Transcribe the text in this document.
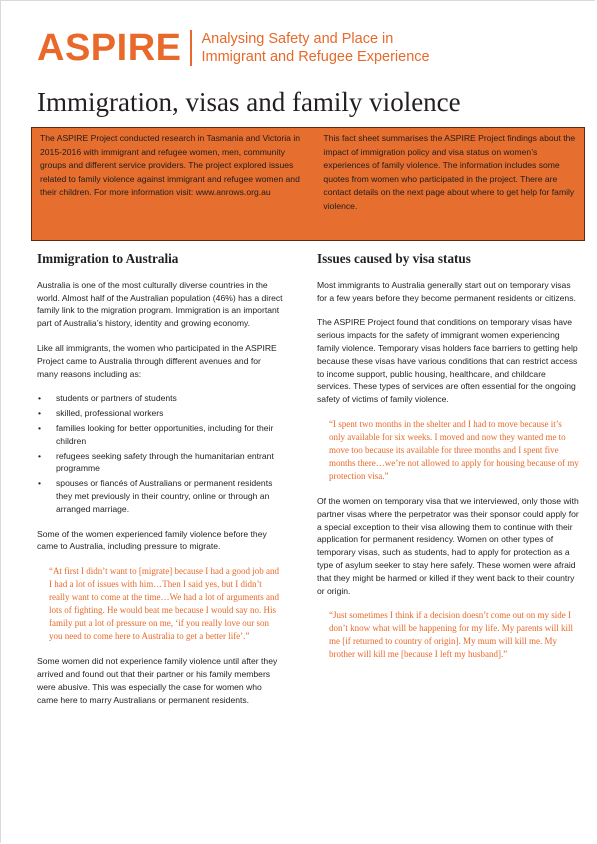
ASPIRE Analysing Safety and Place in
Immigrant and Refugee Experience
Immigration, visas and family violence
The ASPIRE Project conducted research in Tasmania and Victoria in 2015-2016 with immigrant and refugee women, men, community groups and different service providers. The project explored issues related to family violence against immigrant and refugee women and their children. For more information visit: www.anrows.org.au
This fact sheet summarises the ASPIRE Project findings about the impact of immigration policy and visa status on women’s experiences of family violence. The information includes some quotes from women who participated in the project. There are contact details on the next page about where to get help for family violence.
Immigration to Australia

Australia is one of the most culturally diverse countries in the world. Almost half of the Australian population (46%) has a direct family link to the migration program. Immigration is an important part of Australia’s history, identity and growing economy.

Like all immigrants, the women who participated in the ASPIRE Project came to Australia through different avenues and for many reasons including as:

• students or partners of students
• skilled, professional workers
• families looking for better opportunities, including for their children
• refugees seeking safety through the humanitarian entrant programme
• spouses or fiancés of Australians or permanent residents they met previously in their country, online or through an arranged marriage.

Some of the women experienced family violence before they came to Australia, including pressure to migrate.

“At first I didn’t want to [migrate] because I had a good job and I had a lot of issues with him…Then I said yes, but I didn’t really want to come at the time…We had a lot of arguments and lots of fighting. He would beat me because I would say no. His family put a lot of pressure on me, ‘if you really love our son you need to come here to Australia to get a better life’.”

Some women did not experience family violence until after they arrived and found out that their partner or his family members were abusive. This was especially the case for women who came here to marry Australians or permanent residents.

Issues caused by visa status

Most immigrants to Australia generally start out on temporary visas for a few years before they become permanent residents or citizens.

The ASPIRE Project found that conditions on temporary visas have serious impacts for the safety of immigrant women experiencing family violence. Temporary visas holders face barriers to getting help because these visas have various conditions that can restrict access to income support, public housing, healthcare, and childcare services. These types of services are often essential for the ongoing safety of victims of family violence.

“I spent two months in the shelter and I had to move because it’s only available for six weeks. I moved and now they wanted me to move too because its available for three months and I spent five months there…we’re not allowed to apply for housing because of my protection visa.”

Of the women on temporary visa that we interviewed, only those with partner visas where the perpetrator was their sponsor could apply for a special exception to their visa allowing them to continue with their application for permanent residency. Women on other types of temporary visas, such as students, had to apply for protection as a type of asylum seeker to stay here safely. These women were afraid that they might be harmed or killed if they went back to their country or origin.

“Just sometimes I think if a decision doesn’t come out on my side I don’t know what will be happening for my life. My parents will kill me [if returned to country of origin]. My mum will kill me. My brother will kill me [because I left my husband].”
